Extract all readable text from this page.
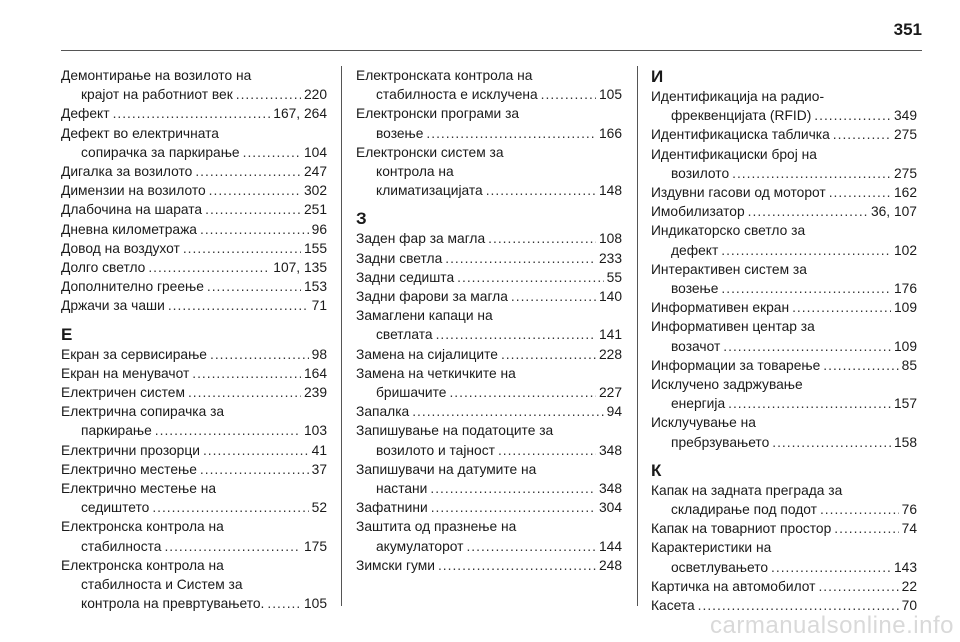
351
Демонтирање на возилото на
крајот на работниот век .....	220
Дефект .....	167, 264
Дефект во електричната
сопирачка за паркирање .....	104
Дигалка за возилото .....	247
Димензии на возилото .....	302
Длабочина на шарата .....	251
Дневна километража .....	96
Довод на воздухот .....	155
Долго светло .....	107, 135
Дополнително греење .....	153
Држачи за чаши .....	71
Е
Екран за сервисирање .....	98
Екран на менувачот .....	164
Електричен систем .....	239
Електрична сопирачка за
паркирање .....	103
Електрични прозорци .....	41
Електрично местење .....	37
Електрично местење на
седиштето .....	52
Електронска контрола на
стабилноста .....	175
Електронска контрола на
стабилноста и Систем за
контрола на превртувањето. .....	105
Електронската контрола на
стабилноста е исклучена .....	105
Електронски програми за
возење .....	166
Електронски систем за
контрола на
климатизацијата .....	148
З
Заден фар за магла .....	108
Задни светла .....	233
Задни седишта .....	55
Задни фарови за магла .....	140
Замаглени капаци на
светлата .....	141
Замена на сијалиците .....	228
Замена на четкичките на
бришачите .....	227
Запалка .....	94
Запишување на податоците за
возилото и тајност .....	348
Запишувачи на датумите на
настани .....	348
Зафатнини .....	304
Заштита од празнење на
акумулаторот .....	144
Зимски гуми .....	248
И
Идентификација на радио-
фреквенцијата (RFID) .....	349
Идентификациска табличка .....	275
Идентификациски број на
возилото .....	275
Издувни гасови од моторот .....	162
Имобилизатор .....	36, 107
Индикаторско светло за
дефект .....	102
Интерактивен систем за
возење .....	176
Информативен екран .....	109
Информативен центар за
возачот .....	109
Информации за товарење .....	85
Исклучено задржување
енергија .....	157
Исклучување на
пребрзувањето .....	158
К
Капак на задната преграда за
складирање под подот .....	76
Капак на товарниот простор .....	74
Карактеристики на
осветлувањето .....	143
Картичка на автомобилот .....	22
Касета .....	70
carmanualsonline.info
